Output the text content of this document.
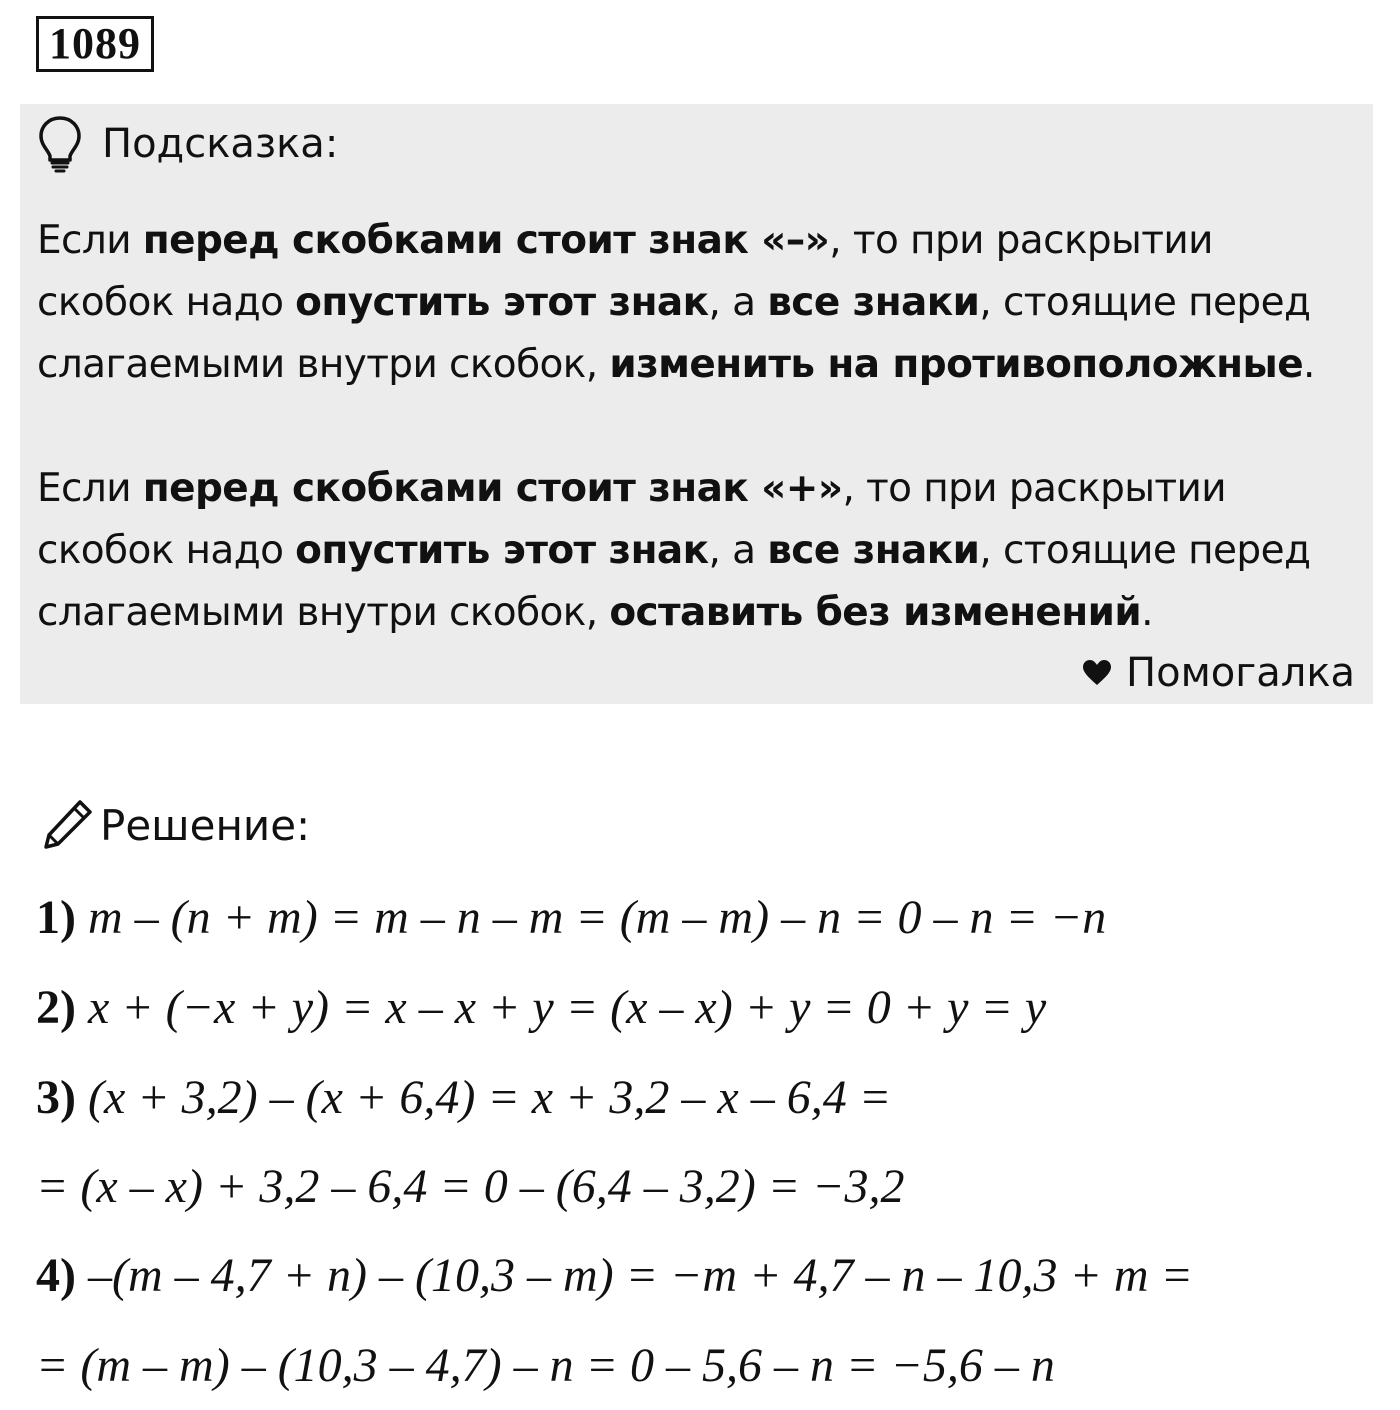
1089
Подсказка:

Если перед скобками стоит знак «–», то при раскрытии скобок надо опустить этот знак, а все знаки, стоящие перед слагаемыми внутри скобок, изменить на противоположные.

Если перед скобками стоит знак «+», то при раскрытии скобок надо опустить этот знак, а все знаки, стоящие перед слагаемыми внутри скобок, оставить без изменений.

Помогалка
Решение:
1) m – (n + m) = m – n – m = (m – m) – n = 0 – n = −n
2) x + (−x + y) = x – x + y = (x – x) + y = 0 + y = y
3) (x + 3,2) – (x + 6,4) = x + 3,2 – x – 6,4 =
= (x – x) + 3,2 – 6,4 = 0 – (6,4 – 3,2) = −3,2
4) –(m – 4,7 + n) – (10,3 – m) = −m + 4,7 – n – 10,3 + m =
= (m – m) – (10,3 – 4,7) – n = 0 – 5,6 – n = −5,6 – n
